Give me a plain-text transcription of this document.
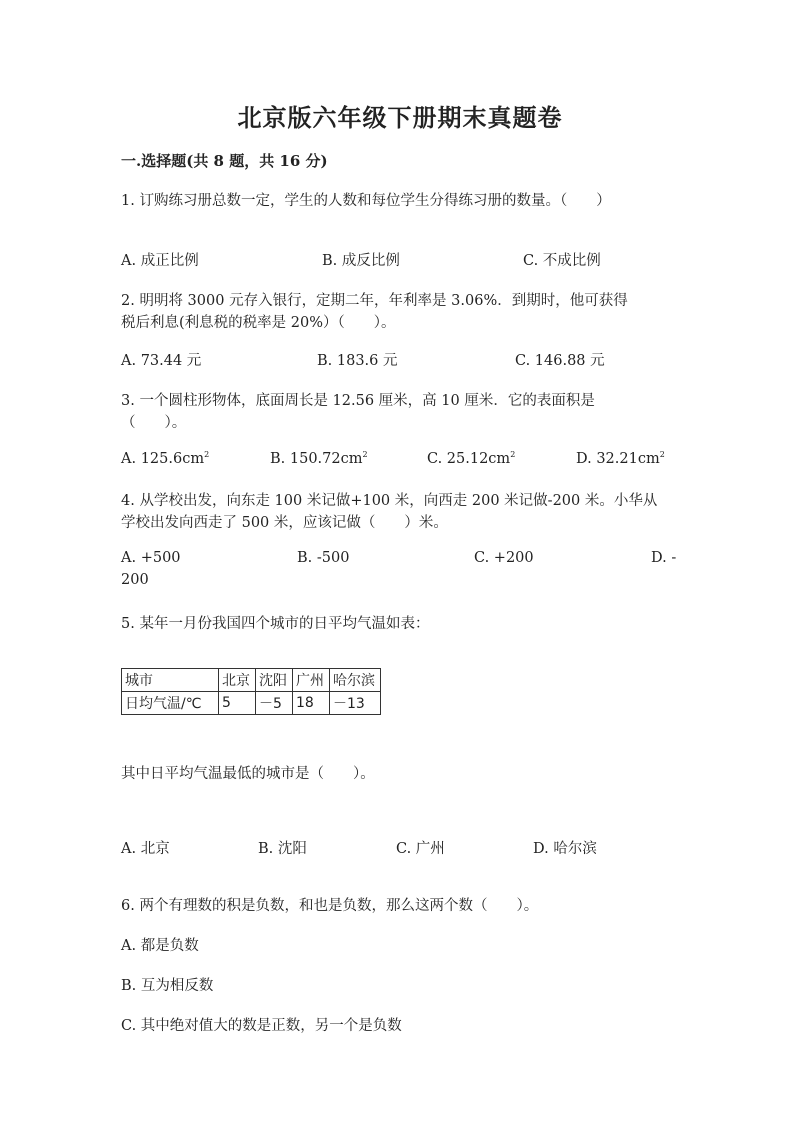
北京版六年级下册期末真题卷
一.选择题(共 8 题，共 16 分)
1. 订购练习册总数一定，学生的人数和每位学生分得练习册的数量。（　　）
A. 成正比例	B. 成反比例	C. 不成比例
2. 明明将 3000 元存入银行，定期二年，年利率是 3.06%．到期时，他可获得
税后利息(利息税的税率是 20%）（　　）。
A. 73.44 元	B. 183.6 元	C. 146.88 元
3. 一个圆柱形物体，底面周长是 12.56 厘米，高 10 厘米．它的表面积是
（　　）。
A. $125.6cm^2$	B. $150.72cm^2$	C. $25.12cm^2$	D. $32.21cm^2$
4. 从学校出发，向东走 100 米记做+100 米，向西走 200 米记做-200 米。小华从
学校出发向西走了 500 米，应该记做（　　）米。
A. +500	B. -500	C. +200	D. -
200
5. 某年一月份我国四个城市的日平均气温如表：
城市	北京	沈阳	广州	哈尔滨
日均气温/℃	5	－5	18	－13
其中日平均气温最低的城市是（　　）。
A. 北京	B. 沈阳	C. 广州	D. 哈尔滨
6. 两个有理数的积是负数，和也是负数，那么这两个数（　　）。
A. 都是负数
B. 互为相反数
C. 其中绝对值大的数是正数，另一个是负数
